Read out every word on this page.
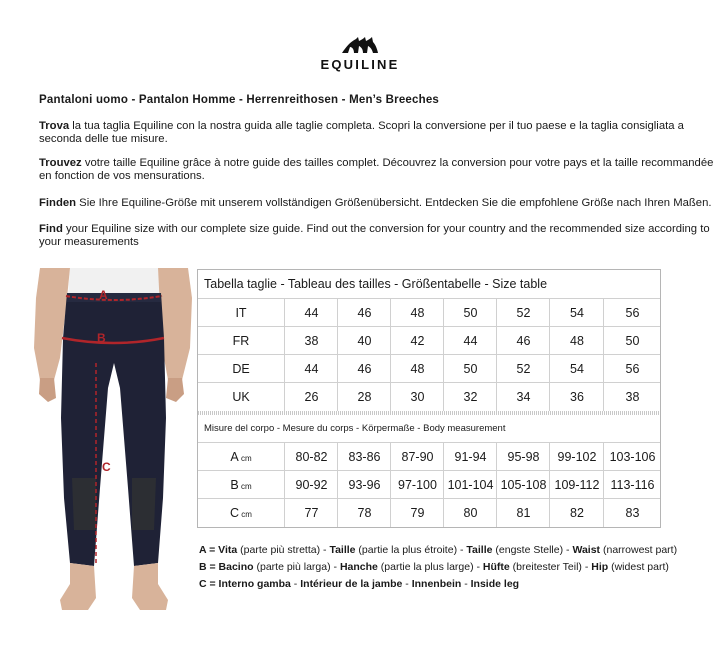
EQUILINE
Pantaloni uomo - Pantalon Homme - Herrenreithosen - Men’s Breeches
Trova la tua taglia Equiline con la nostra guida alle taglie completa. Scopri la conversione per il tuo paese e la taglia consigliata a seconda delle tue misure.
Trouvez votre taille Equiline grâce à notre guide des tailles complet. Découvrez la conversion pour votre pays et la taille recommandée en fonction de vos mensurations.
Finden Sie Ihre Equiline-Größe mit unserem vollständigen Größenübersicht. Entdecken Sie die empfohlene Größe nach Ihren Maßen.
Find your Equiline size with our complete size guide. Find out the conversion for your country and the recommended size according to your measurements
A
B
C
Tabella taglie - Tableau des tailles - Größentabelle - Size table
IT	44	46	48	50	52	54	56
FR	38	40	42	44	46	48	50
DE	44	46	48	50	52	54	56
UK	26	28	30	32	34	36	38
Misure del corpo - Mesure du corps - Körpermaße - Body measurement
A cm	80-82	83-86	87-90	91-94	95-98	99-102	103-106
B cm	90-92	93-96	97-100 101-104 105-108 109-112 113-116
C cm	77	78	79	80	81	82	83
A = Vita (parte più stretta) - Taille (partie la plus étroite) - Taille (engste Stelle) - Waist (narrowest part)
B = Bacino (parte più larga) - Hanche (partie la plus large) - Hüfte (breitester Teil) - Hip (widest part)
C = Interno gamba - Intérieur de la jambe - Innenbein - Inside leg
